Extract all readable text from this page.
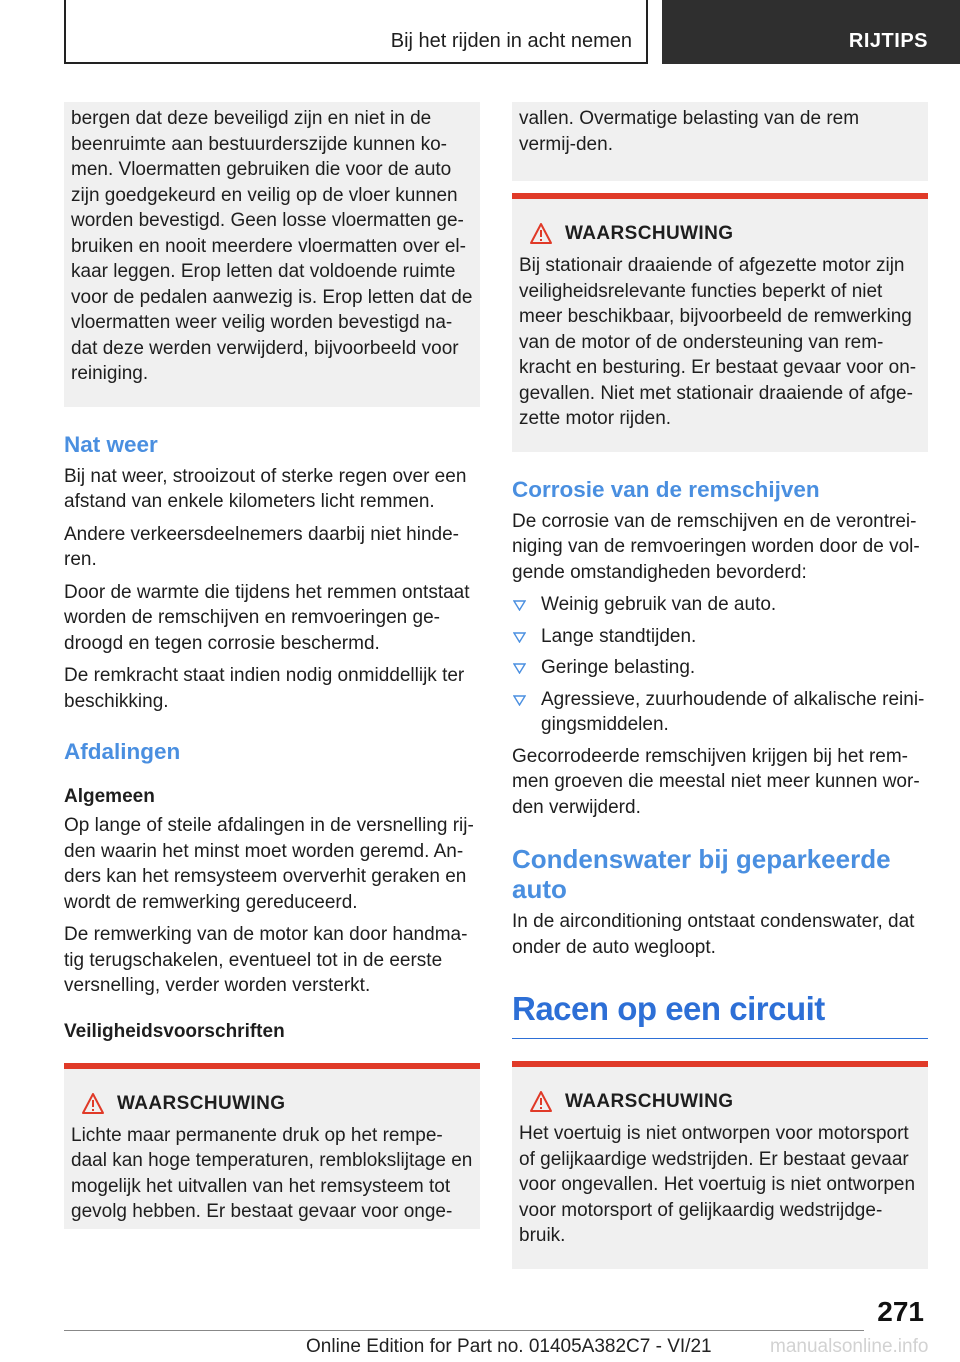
Bij het rijden in acht nemen	RIJTIPS

bergen dat deze beveiligd zijn en niet in de beenruimte aan bestuurderszijde kunnen ko-men. Vloermatten gebruiken die voor de auto zijn goedgekeurd en veilig op de vloer kunnen worden bevestigd. Geen losse vloermatten ge-bruiken en nooit meerdere vloermatten over el-kaar leggen. Erop letten dat voldoende ruimte voor de pedalen aanwezig is. Erop letten dat de vloermatten weer veilig worden bevestigd na-dat deze werden verwijderd, bijvoorbeeld voor reiniging.

Nat weer

Bij nat weer, strooizout of sterke regen over een afstand van enkele kilometers licht remmen.

Andere verkeersdeelnemers daarbij niet hinde-ren.

Door de warmte die tijdens het remmen ontstaat worden de remschijven en remvoeringen ge-droogd en tegen corrosie beschermd.

De remkracht staat indien nodig onmiddellijk ter beschikking.

Afdalingen
Algemeen

Op lange of steile afdalingen in de versnelling rij-den waarin het minst moet worden geremd. An-ders kan het remsysteem oververhit geraken en wordt de remwerking gereduceerd.

De remwerking van de motor kan door handma-tig terugschakelen, eventueel tot in de eerste versnelling, verder worden versterkt.

Veiligheidsvoorschriften
WAARSCHUWING

Lichte maar permanente druk op het rempe-daal kan hoge temperaturen, remblokslijtage en mogelijk het uitvallen van het remsysteem tot gevolg hebben. Er bestaat gevaar voor onge-

vallen. Overmatige belasting van de rem vermij-den.

WAARSCHUWING

Bij stationair draaiende of afgezette motor zijn veiligheidsrelevante functies beperkt of niet meer beschikbaar, bijvoorbeeld de remwerking van de motor of de ondersteuning van rem-kracht en besturing. Er bestaat gevaar voor on-gevallen. Niet met stationair draaiende of afge-zette motor rijden.

Corrosie van de remschijven

De corrosie van de remschijven en de verontrei-niging van de remvoeringen worden door de vol-gende omstandigheden bevorderd:

Weinig gebruik van de auto.
Lange standtijden.
Geringe belasting.
Agressieve, zuurhoudende of alkalische reini-gingsmiddelen.

Gecorrodeerde remschijven krijgen bij het rem-men groeven die meestal niet meer kunnen wor-den verwijderd.

Condenswater bij geparkeerde auto

In de airconditioning ontstaat condenswater, dat onder de auto wegloopt.

Racen op een circuit
WAARSCHUWING

Het voertuig is niet ontworpen voor motorsport of gelijkaardige wedstrijden. Er bestaat gevaar voor ongevallen. Het voertuig is niet ontworpen voor motorsport of gelijkaardig wedstrijdge-bruik.

271
Online Edition for Part no. 01405A382C7 - VI/21	manualsonline.info
